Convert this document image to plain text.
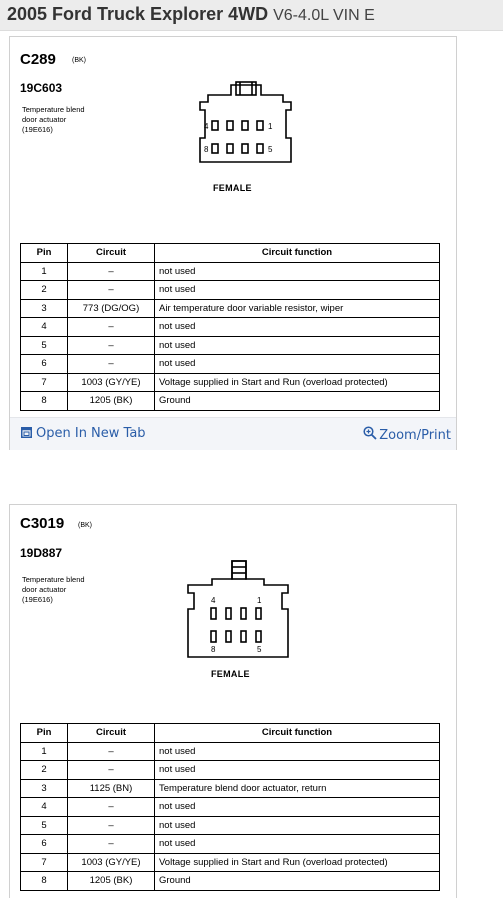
2005 Ford Truck Explorer 4WD V6-4.0L VIN E
C289 (BK)
19C603
Temperature blend
door actuator
(19E616)	4	1
8	5
FEMALE
Pin	Circuit	Circuit function
1	–	not used
2	–	not used
3	773 (DG/OG)	Air temperature door variable resistor, wiper
4	–	not used
5	–	not used
6	–	not used
7	1003 (GY/YE)	Voltage supplied in Start and Run (overload protected)
8	1205 (BK)	Ground
Open In New Tab	Zoom/Print
C3019 (BK)
19D887
Temperature blend
door actuator
(19E616)	4	1
8	5
FEMALE
Pin	Circuit	Circuit function
1	–	not used
2	–	not used
3	1125 (BN)	Temperature blend door actuator, return
4	–	not used
5	–	not used
6	–	not used
7	1003 (GY/YE)	Voltage supplied in Start and Run (overload protected)
8	1205 (BK)	Ground
